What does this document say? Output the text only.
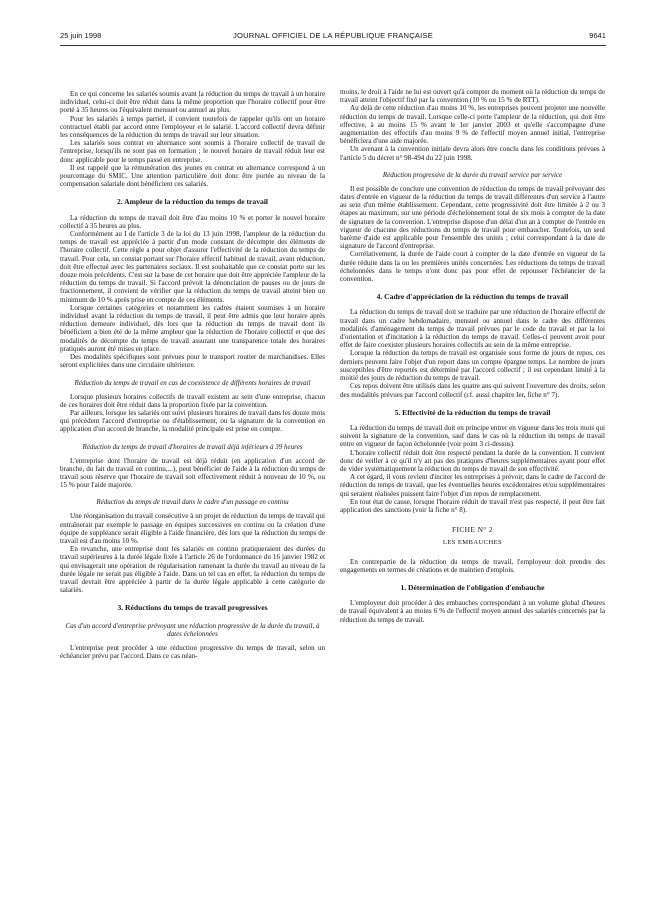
25 juin 1998	JOURNAL OFFICIEL DE LA RÉPUBLIQUE FRANÇAISE	9641

En ce qui concerne les salariés soumis avant la réduction du temps de travail à un horaire individuel, celui-ci doit être réduit dans la même proportion que l'horaire collectif pour être porté à 35 heures ou l'équivalent mensuel ou annuel au plus.

Pour les salariés à temps partiel, il convient toutefois de rappeler qu'ils ont un horaire contractuel établi par accord entre l'employeur et le salarié. L'accord collectif devra définir les conséquences de la réduction du temps de travail sur leur situation.

Les salariés sous contrat en alternance sont soumis à l'horaire collectif de travail de l'entreprise, lorsqu'ils ne sont pas en formation ; le nouvel horaire de travail réduit leur est donc applicable pour le temps passé en entreprise.

Il est rappelé que la rémunération des jeunes en contrat en alternance correspond à un pourcentage du SMIC. Une attention particulière doit donc être portée au niveau de la compensation salariale dont bénéficient ces salariés.

2. Ampleur de la réduction du temps de travail

La réduction du temps de travail doit être d'au moins 10 % et porter le nouvel horaire collectif à 35 heures au plus.

Conformément au I de l'article 3 de la loi du 13 juin 1998, l'ampleur de la réduction du temps de travail est appréciée à partir d'un mode constant de décompte des éléments de l'horaire collectif. Cette règle a pour objet d'assurer l'effectivité de la réduction du temps de travail. Pour cela, un constat portant sur l'horaire effectif habituel de travail, avant réduction, doit être effectué avec les partenaires sociaux. Il est souhaitable que ce constat porte sur les douze mois précédents. C'est sur la base de cet horaire que doit être appréciée l'ampleur de la réduction du temps de travail. Si l'accord prévoit la dénonciation de pauses ou de jours de fractionnement, il convient de vérifier que la réduction du temps de travail atteint bien un minimum de 10 % après prise en compte de ces éléments.

Lorsque certaines catégories et notamment les cadres étaient soumises à un horaire individuel avant la réduction du temps de travail, il peut être admis que leur horaire après réduction demeure individuel, dès lors que la réduction du temps de travail dont ils bénéficient a bien été de la même ampleur que la réduction de l'horaire collectif et que des modalités de décompte du temps de travail assurant une transparence totale des horaires pratiqués auront été mises en place.

Des modalités spécifiques sont prévues pour le transport routier de marchandises. Elles seront explicitées dans une circulaire ultérieure.

Réduction du temps de travail en cas de coexistence de différents horaires de travail

Lorsque plusieurs horaires collectifs de travail existent au sein d'une entreprise, chacun de ces horaires doit être réduit dans la proportion fixée par la convention.

Par ailleurs, lorsque les salariés ont suivi plusieurs horaires de travail dans les douze mois qui précèdent l'accord d'entreprise ou d'établissement, ou la signature de la convention en application d'un accord de branche, la modalité principale est prise en compte.

Réduction du temps de travail d'horaires de travail déjà inférieurs à 39 heures

L'entreprise dont l'horaire de travail est déjà réduit (en application d'un accord de branche, du fait du travail en continu,...), peut bénéficier de l'aide à la réduction du temps de travail sous réserve que l'horaire de travail soit effectivement réduit à nouveau de 10 %, ou 15 % pour l'aide majorée.

Réduction du temps de travail dans le cadre d'un passage en continu

Une réorganisation du travail consécutive à un projet de réduction du temps de travail qui entraînerait par exemple le passage en équipes successives en continu ou la création d'une équipe de suppléance serait éligible à l'aide financière, dès lors que la réduction du temps de travail est d'au moins 10 %.

En revanche, une entreprise dont les salariés en continu pratiqueraient des durées du travail supérieures à la durée légale fixée à l'article 26 de l'ordonnance du 16 janvier 1982 et qui envisagerait une opération de régularisation ramenant la durée du travail au niveau de la durée légale ne serait pas éligible à l'aide. Dans un tel cas en effet, la réduction du temps de travail devrait être appréciée à partir de la durée légale applicable à cette catégorie de salariés.

3. Réductions du temps de travail progressives
Cas d'un accord d'entreprise prévoyant une réduction progressive de la durée du travail, à dates échelonnées

L'entreprise peut procéder à une réduction progressive du temps de travail, selon un échéancier prévu par l'accord. Dans ce cas néan-

moins, le droit à l'aide ne lui est ouvert qu'à compter du moment où la réduction du temps de travail atteint l'objectif fixé par la convention (10 % ou 15 % de RTT).

Au delà de cette réduction d'au moins 10 %, les entreprises peuvent projeter une nouvelle réduction du temps de travail. Lorsque celle-ci porte l'ampleur de la réduction, qui doit être effective, à au moins 15 % avant le 1er janvier 2003 et qu'elle s'accompagne d'une augmentation des effectifs d'au moins 9 % de l'effectif moyen annuel initial, l'entreprise bénéficiera d'une aide majorée.

Un avenant à la convention initiale devra alors être conclu dans les conditions prévues à l'article 5 du décret n° 98-494 du 22 juin 1998.

Réduction progressive de la durée du travail service par service

Il est possible de conclure une convention de réduction du temps de travail prévoyant des dates d'entrée en vigueur de la réduction du temps de travail différentes d'un service à l'autre au sein d'un même établissement. Cependant, cette progressivité doit être limitée à 2 ou 3 étapes au maximum, sur une période d'échelonnement total de six mois à compter de la date de signature de la convention. L'entreprise dispose d'un délai d'un an à compter de l'entrée en vigueur de chacune des réductions du temps de travail pour embaucher. Toutefois, un seul barème d'aide est applicable pour l'ensemble des unités ; celui correspondant à la date de signature de l'accord d'entreprise.

Corrélativement, la durée de l'aide court à compter de la date d'entrée en vigueur de la durée réduite dans la ou les premières unités concernées. Les réductions du temps de travail échelonnées dans le temps n'ont donc pas pour effet de repousser l'échéancier de la convention.

4. Cadre d'appréciation de la réduction du temps de travail

La réduction du temps de travail doit se traduire par une réduction de l'horaire effectif de travail dans un cadre hebdomadaire, mensuel ou annuel dans le cadre des différentes modalités d'aménagement du temps de travail prévues par le code du travail et par la loi d'orientation et d'incitation à la réduction du temps de travail. Celles-ci peuvent avoir pour effet de faire coexister plusieurs horaires collectifs au sein de la même entreprise.

Lorsque la réduction du temps de travail est organisée sous forme de jours de repos, ces derniers peuvent faire l'objet d'un report dans un compte épargne temps. Le nombre de jours susceptibles d'être reportés est déterminé par l'accord collectif ; il est cependant limité à la moitié des jours de réduction du temps de travail.

Ces repos doivent être utilisés dans les quatre ans qui suivent l'ouverture des droits, selon des modalités prévues par l'accord collectif (cf. aussi chapitre Ier, fiche n° 7).

5. Effectivité de la réduction du temps de travail

La réduction du temps de travail doit en principe entrer en vigueur dans les trois mois qui suivent la signature de la convention, sauf dans le cas où la réduction du temps de travail entre en vigueur de façon échelonnée (voir point 3 ci-dessus).

L'horaire collectif réduit doit être respecté pendant la durée de la convention. Il convient donc de veiller à ce qu'il n'y ait pas des pratiques d'heures supplémentaires ayant pour effet de vider systématiquement la réduction du temps de travail de son effectivité.

A cet égard, il vous revient d'inciter les entreprises à prévoir, dans le cadre de l'accord de réduction du temps de travail, que les éventuelles heures excédentaires et/ou supplémentaires qui seraient réalisées puissent faire l'objet d'un repos de remplacement.

En tout état de cause, lorsque l'horaire réduit de travail n'est pas respecté, il peut être fait application des sanctions (voir la fiche n° 8).

FICHE N° 2
LES EMBAUCHES

En contrepartie de la réduction du temps de travail, l'employeur doit prendre des engagements en termes de créations et de maintien d'emplois.

1. Détermination de l'obligation d'embauche

L'employeur doit procéder à des embauches correspondant à un volume global d'heures de travail équivalent à au moins 6 % de l'effectif moyen annuel des salariés concernés par la réduction du temps de travail.
